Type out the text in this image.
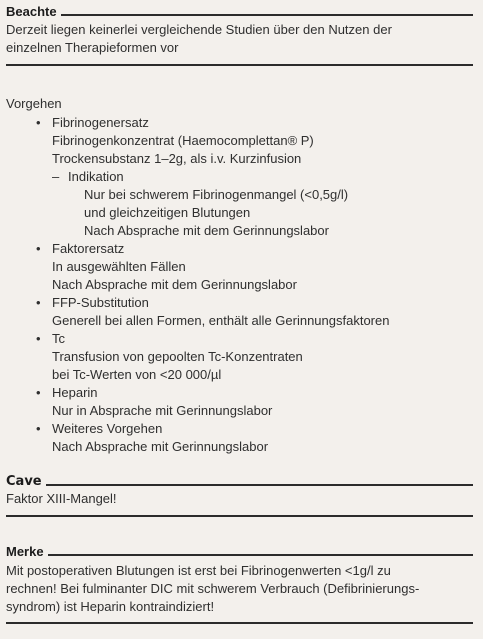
Beachte
Derzeit liegen keinerlei vergleichende Studien über den Nutzen der
einzelnen Therapieformen vor
Vorgehen
• Fibrinogenersatz
Fibrinogenkonzentrat (Haemocomplettan® P)
Trockensubstanz 1–2g, als i.v. Kurzinfusion
– Indikation
Nur bei schwerem Fibrinogenmangel (<0,5g/l)
und gleichzeitigen Blutungen
Nach Absprache mit dem Gerinnungslabor
• Faktorersatz
In ausgewählten Fällen
Nach Absprache mit dem Gerinnungslabor
• FFP-Substitution
Generell bei allen Formen, enthält alle Gerinnungsfaktoren
• Tc
Transfusion von gepoolten Tc-Konzentraten
bei Tc-Werten von <20 000/µl
• Heparin
Nur in Absprache mit Gerinnungslabor
• Weiteres Vorgehen
Nach Absprache mit Gerinnungslabor
Cave
Faktor XIII-Mangel!
Merke
Mit postoperativen Blutungen ist erst bei Fibrinogenwerten <1g/l zu
rechnen! Bei fulminanter DIC mit schwerem Verbrauch (Defibrinierungs-
syndrom) ist Heparin kontraindiziert!
